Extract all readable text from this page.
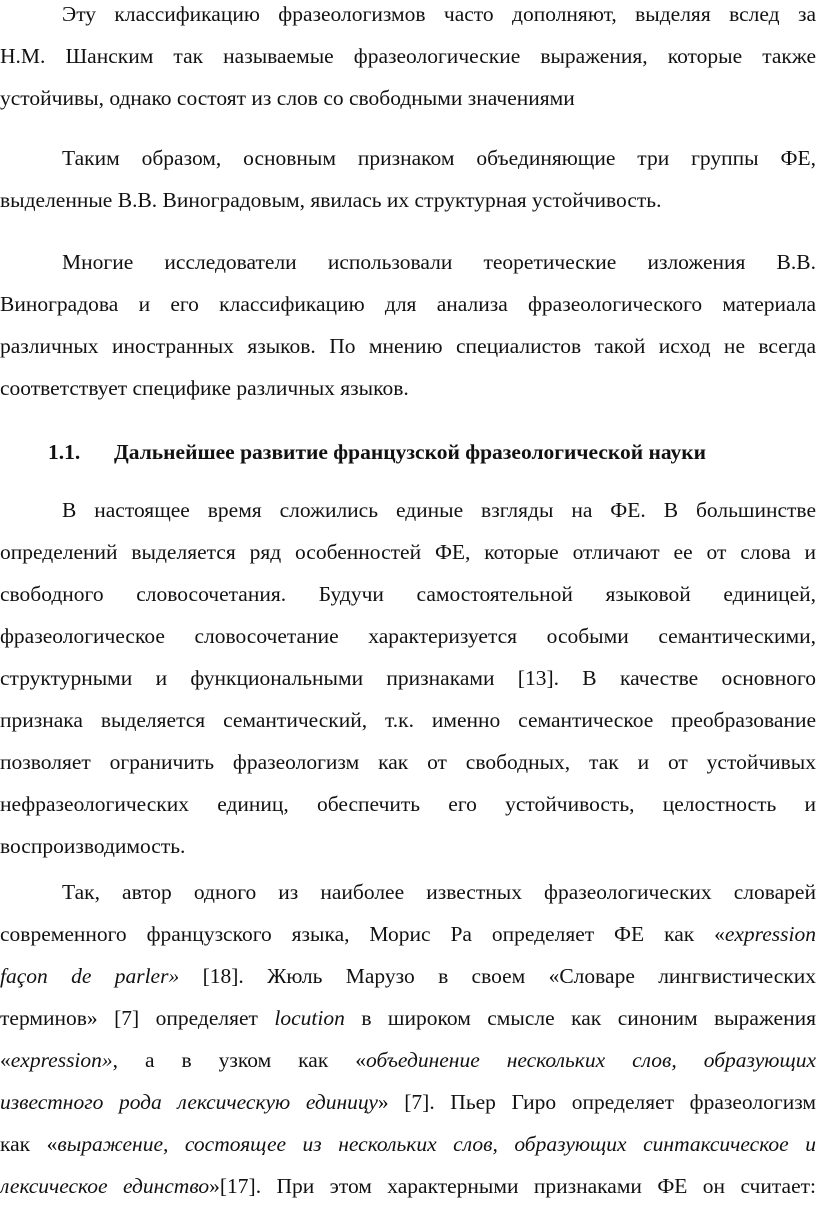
Эту классификацию фразеологизмов часто дополняют, выделяя вслед за
Н.М. Шанским так называемые фразеологические выражения, которые также
устойчивы, однако состоят из слов со свободными значениями
Таким образом, основным признаком объединяющие три группы ФЕ,
выделенные В.В. Виноградовым, явилась их структурная устойчивость.
Многие исследователи использовали теоретические изложения В.В.
Виноградова и его классификацию для анализа фразеологического материала
различных иностранных языков. По мнению специалистов такой исход не всегда
соответствует специфике различных языков.
1.1. Дальнейшее развитие французской фразеологической науки
В настоящее время сложились единые взгляды на ФЕ. В большинстве
определений выделяется ряд особенностей ФЕ, которые отличают ее от слова и
свободного словосочетания. Будучи самостоятельной языковой единицей,
фразеологическое словосочетание характеризуется особыми семантическими,
структурными и функциональными признаками [13]. В качестве основного
признака выделяется семантический, т.к. именно семантическое преобразование
позволяет ограничить фразеологизм как от свободных, так и от устойчивых
нефразеологических единиц, обеспечить его устойчивость, целостность и
воспроизводимость.
Так, автор одного из наиболее известных фразеологических словарей
современного французского языка, Морис Ра определяет ФЕ как «expression
façon de parler» [18]. Жюль Марузо в своем «Словаре лингвистических
терминов» [7] определяет locution в широком смысле как синоним выражения
«expression», а в узком как «объединение нескольких слов, образующих
известного рода лексическую единицу» [7]. Пьер Гиро определяет фразеологизм
как «выражение, состоящее из нескольких слов, образующих синтаксическое и
лексическое единство»[17]. При этом характерными признаками ФЕ он считает:
